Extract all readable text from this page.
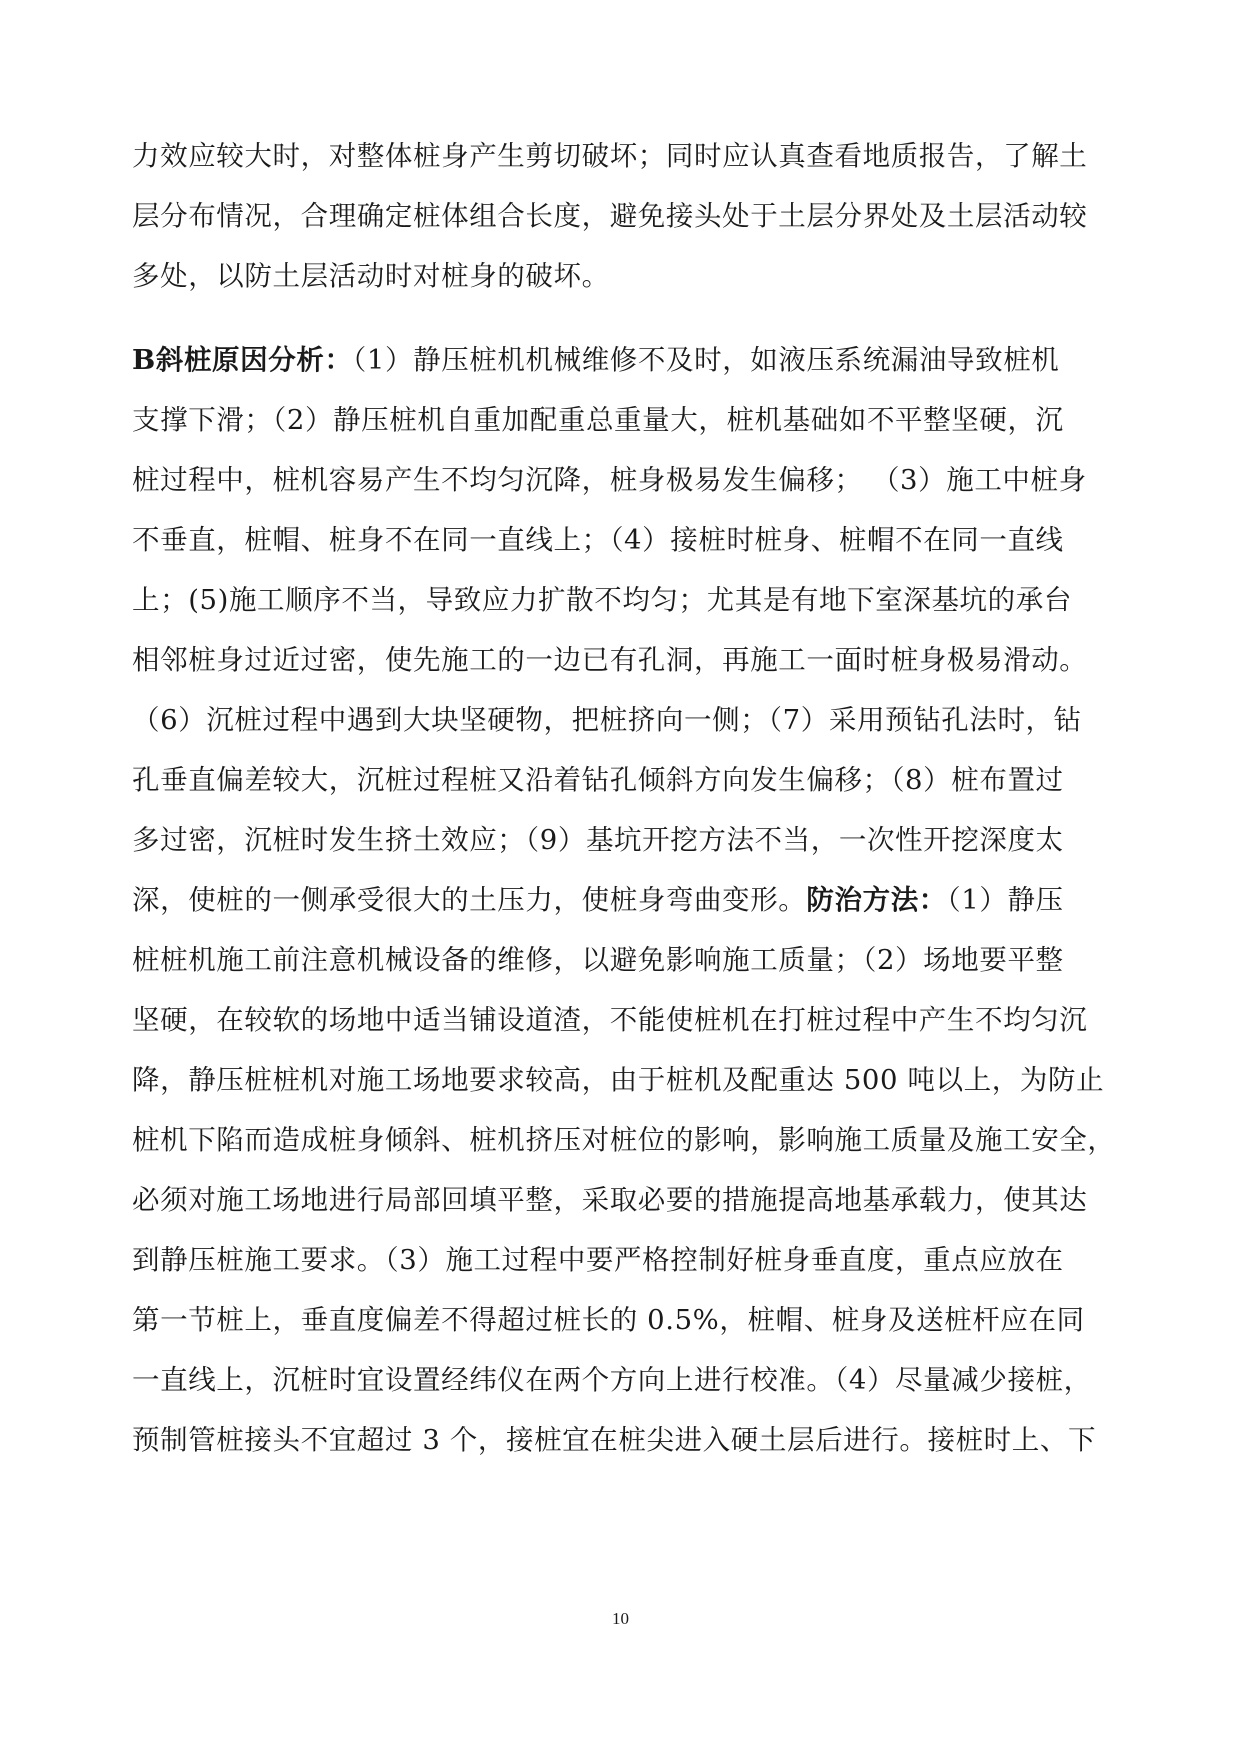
力效应较大时，对整体桩身产生剪切破坏；同时应认真查看地质报告，了解土
层分布情况，合理确定桩体组合长度，避免接头处于土层分界处及土层活动较
多处，以防土层活动时对桩身的破坏。
B斜桩原因分析：（1）静压桩机机械维修不及时，如液压系统漏油导致桩机
支撑下滑；（2）静压桩机自重加配重总重量大，桩机基础如不平整坚硬，沉
桩过程中，桩机容易产生不均匀沉降，桩身极易发生偏移； （3）施工中桩身
不垂直，桩帽、桩身不在同一直线上；（4）接桩时桩身、桩帽不在同一直线
上；(5)施工顺序不当，导致应力扩散不均匀；尤其是有地下室深基坑的承台
相邻桩身过近过密，使先施工的一边已有孔洞，再施工一面时桩身极易滑动。
（6）沉桩过程中遇到大块坚硬物，把桩挤向一侧；（7）采用预钻孔法时，钻
孔垂直偏差较大，沉桩过程桩又沿着钻孔倾斜方向发生偏移；（8）桩布置过
多过密，沉桩时发生挤土效应；（9）基坑开挖方法不当，一次性开挖深度太
深，使桩的一侧承受很大的土压力，使桩身弯曲变形。防治方法：（1）静压
桩桩机施工前注意机械设备的维修，以避免影响施工质量；（2）场地要平整
坚硬，在较软的场地中适当铺设道渣，不能使桩机在打桩过程中产生不均匀沉
降，静压桩桩机对施工场地要求较高，由于桩机及配重达 500 吨以上，为防止
桩机下陷而造成桩身倾斜、桩机挤压对桩位的影响，影响施工质量及施工安全，
必须对施工场地进行局部回填平整，采取必要的措施提高地基承载力，使其达
到静压桩施工要求。（3）施工过程中要严格控制好桩身垂直度，重点应放在
第一节桩上，垂直度偏差不得超过桩长的 0.5%，桩帽、桩身及送桩杆应在同
一直线上，沉桩时宜设置经纬仪在两个方向上进行校准。（4）尽量减少接桩，
预制管桩接头不宜超过 3 个，接桩宜在桩尖进入硬土层后进行。接桩时上、下
10
